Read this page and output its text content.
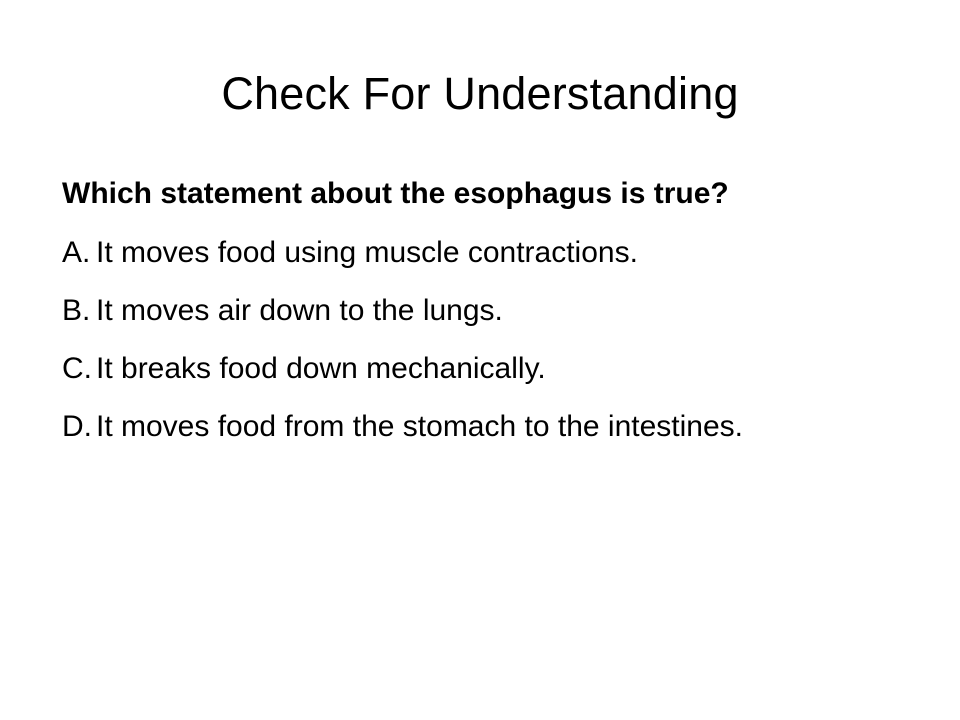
Check For Understanding

Which statement about the esophagus is true?

A. It moves food using muscle contractions.
B. It moves air down to the lungs.
C. It breaks food down mechanically.
D. It moves food from the stomach to the intestines.
